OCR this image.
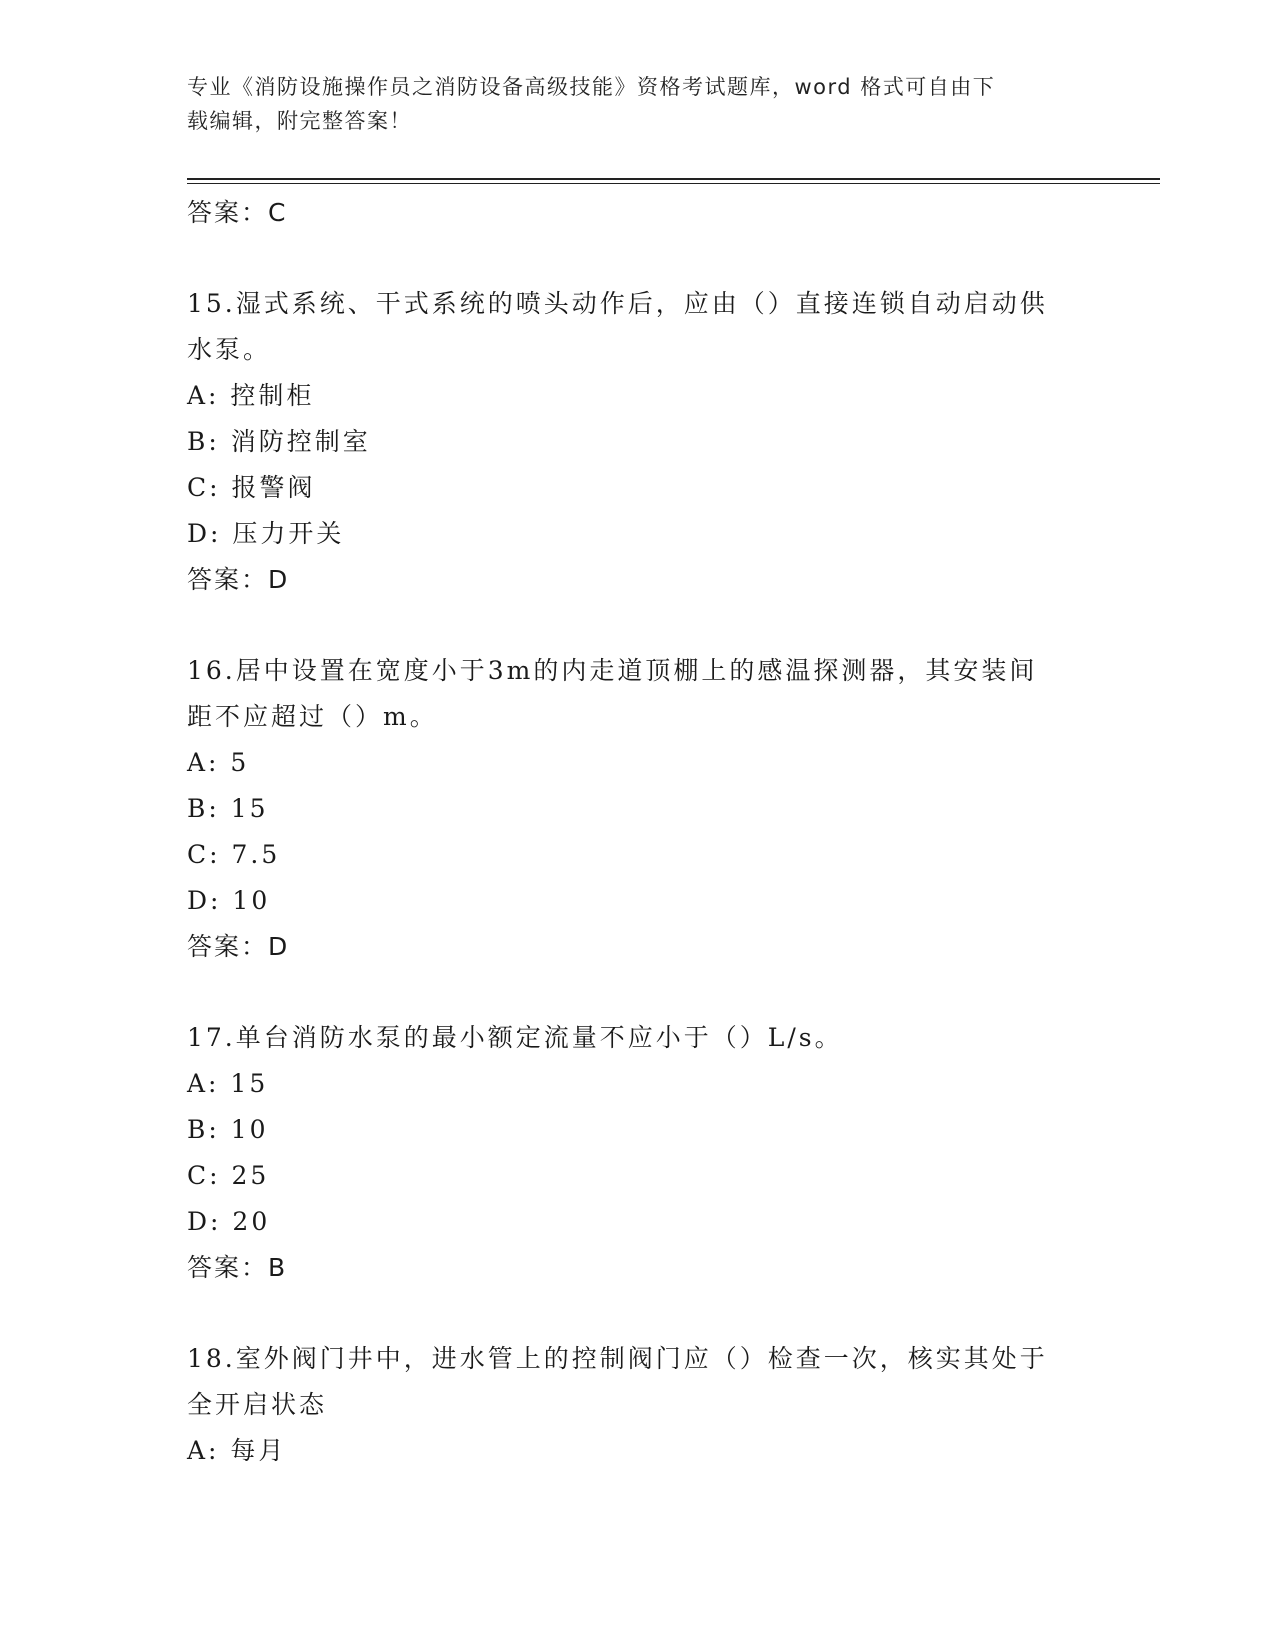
专业《消防设施操作员之消防设备高级技能》资格考试题库，word 格式可自由下
载编辑，附完整答案！
答案：C
15.湿式系统、干式系统的喷头动作后，应由（）直接连锁自动启动供
水泵。
A: 控制柜
B: 消防控制室
C: 报警阀
D: 压力开关
答案：D
16.居中设置在宽度小于3m的内走道顶棚上的感温探测器，其安装间
距不应超过（）m。
A: 5
B: 15
C: 7.5
D: 10
答案：D
17.单台消防水泵的最小额定流量不应小于（）L/s。
A: 15
B: 10
C: 25
D: 20
答案：B
18.室外阀门井中，进水管上的控制阀门应（）检查一次，核实其处于
全开启状态
A: 每月
